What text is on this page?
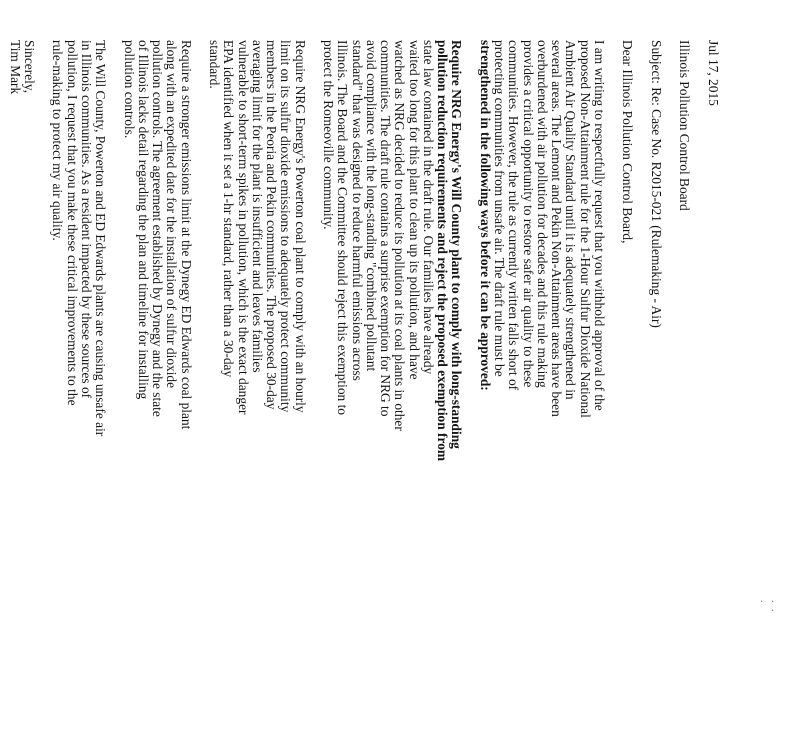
. . .
Jul 17, 2015
Illinois Pollution Control Board
Subject: Re: Case No. R2015-021 (Rulemaking - Air)
Dear Illinois Pollution Control Board,
I am writing to respectfully request that you withhold approval of the
proposed Non-Attainment rule for the 1-Hour Sulfur Dioxide National
Ambient Air Quality Standard until it is adequately strengthened in
several areas. The Lemont and Pekin Non-Attainment areas have been
overburdened with air pollution for decades and this rule making
provides a critical opportunity to restore safer air quality to these
communities. However, the rule as currently written falls short of
protecting communities from unsafe air. The draft rule must be
strengthened in the following ways before it can be approved:
Require NRG Energy's Will County plant to comply with long-standing
pollution reduction requirements and reject the proposed exemption from
state law contained in the draft rule. Our families have already
waited too long for this plant to clean up its pollution, and have
watched as NRG decided to reduce its pollution at its coal plants in other
communities. The draft rule contains a surprise exemption for NRG to
avoid compliance with the long-standing "combined pollutant
standard" that was designed to reduce harmful emissions across
Illinois. The Board and the Committee should reject this exemption to
protect the Romeoville community.
Require NRG Energy's Powerton coal plant to comply with an hourly
limit on its sulfur dioxide emissions to adequately protect community
members in the Peoria and Pekin communities. The proposed 30-day
averaging limit for the plant is insufficient and leaves families
vulnerable to short-term spikes in pollution, which is the exact danger
EPA identified when it set a 1-hr standard, rather than a 30-day
standard.
Require a stronger emissions limit at the Dynegy ED Edwards coal plant
along with an expedited date for the installation of sulfur dioxide
pollution controls. The agreement established by Dynegy and the state
of Illinois lacks detail regarding the plan and timeline for installing
pollution controls.
The Will County, Powerton and ED Edwards plants are causing unsafe air
in Illinois communities. As a resident impacted by these sources of
pollution, I request that you make these critical improvements to the
rule-making to protect my air quality.
Sincerely,
Tim Mark
